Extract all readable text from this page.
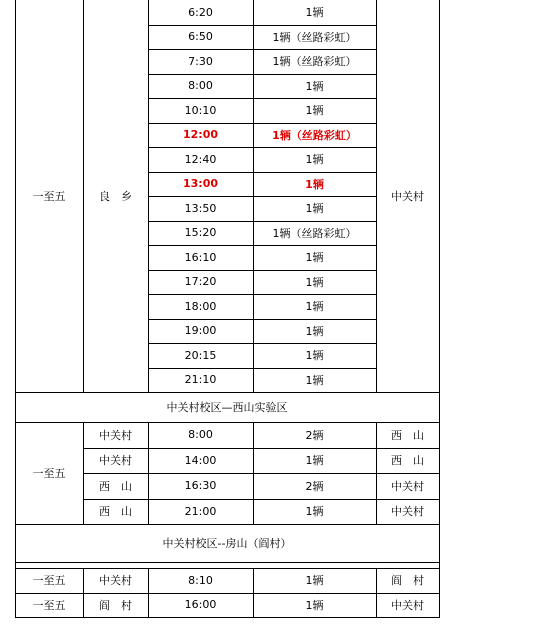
6:20	1辆
6:50	1辆（丝路彩虹）
7:30	1辆（丝路彩虹）
8:00	1辆
10:10	1辆
12:00	1辆（丝路彩虹）
12:40	1辆
13:00	1辆
13:50	1辆
15:20	1辆（丝路彩虹）
16:10	1辆
17:20	1辆
18:00	1辆
19:00	1辆
20:15	1辆
21:10	1辆
一至五	良　乡	中关村
中关村校区—西山实验区
中关村	8:00	2辆	西　山
中关村	14:00	1辆	西　山
西　山	16:30	2辆	中关村
西　山	21:00	1辆	中关村
一至五
中关村校区--房山（阎村）
一至五	中关村	8:10	1辆	阎　村
一至五	阎　村	16:00	1辆	中关村
